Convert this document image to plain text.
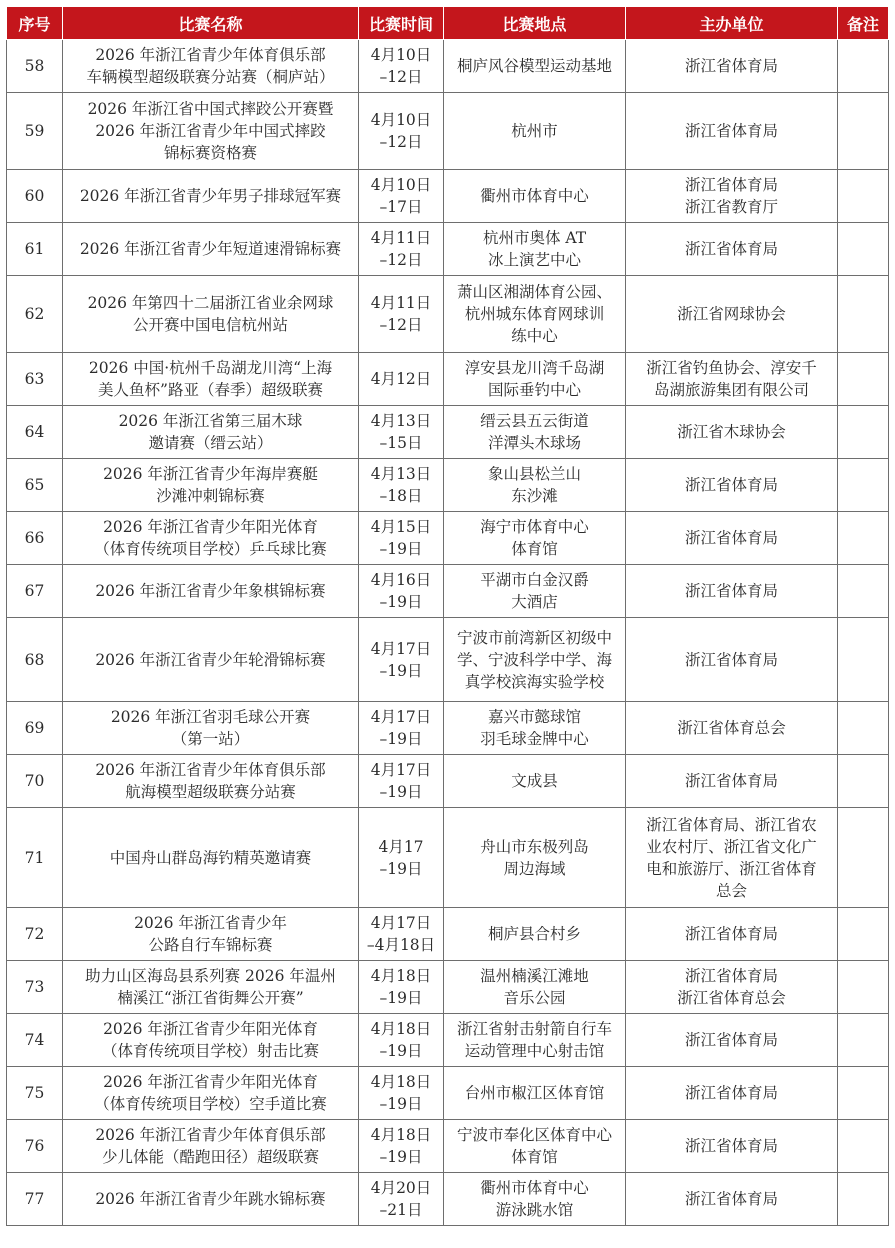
序号	比赛名称	比赛时间	比赛地点	主办单位	备注
58	2026 年浙江省青少年体育俱乐部
车辆模型超级联赛分站赛（桐庐站）	4月10日
–12日	桐庐风谷模型运动基地	浙江省体育局	

59	2026 年浙江省中国式摔跤公开赛暨
2026 年浙江省青少年中国式摔跤
锦标赛资格赛	4月10日
–12日	杭州市	浙江省体育局	

60	2026 年浙江省青少年男子排球冠军赛	4月10日
–17日	衢州市体育中心	浙江省体育局
浙江省教育厅	

61	2026 年浙江省青少年短道速滑锦标赛	4月11日
–12日	杭州市奥体 AT
冰上演艺中心	浙江省体育局	

62	2026 年第四十二届浙江省业余网球
公开赛中国电信杭州站	4月11日
–12日	萧山区湘湖体育公园、
杭州城东体育网球训
练中心	浙江省网球协会	

63	2026 中国·杭州千岛湖龙川湾“上海
美人鱼杯”路亚（春季）超级联赛	4月12日	淳安县龙川湾千岛湖
国际垂钓中心	浙江省钓鱼协会、淳安千
岛湖旅游集团有限公司	

64	2026 年浙江省第三届木球
邀请赛（缙云站）	4月13日
–15日	缙云县五云街道
洋潭头木球场	浙江省木球协会	

65	2026 年浙江省青少年海岸赛艇
沙滩冲刺锦标赛	4月13日
–18日	象山县松兰山
东沙滩	浙江省体育局	

66	2026 年浙江省青少年阳光体育
（体育传统项目学校）乒乓球比赛	4月15日
–19日	海宁市体育中心
体育馆	浙江省体育局	

67	2026 年浙江省青少年象棋锦标赛	4月16日
–19日	平湖市白金汉爵
大酒店	浙江省体育局	

68	2026 年浙江省青少年轮滑锦标赛	4月17日
–19日	宁波市前湾新区初级中
学、宁波科学中学、海
真学校滨海实验学校	浙江省体育局	

69	2026 年浙江省羽毛球公开赛
（第一站）	4月17日
–19日	嘉兴市懿球馆
羽毛球金牌中心	浙江省体育总会	

70	2026 年浙江省青少年体育俱乐部
航海模型超级联赛分站赛	4月17日
–19日	文成县	浙江省体育局	

71	中国舟山群岛海钓精英邀请赛	4月17
–19日	舟山市东极列岛
周边海域	浙江省体育局、浙江省农
业农村厅、浙江省文化广
电和旅游厅、浙江省体育
总会	

72	2026 年浙江省青少年
公路自行车锦标赛	4月17日
–4月18日	桐庐县合村乡	浙江省体育局	

73	助力山区海岛县系列赛 2026 年温州
楠溪江“浙江省街舞公开赛”	4月18日
–19日	温州楠溪江滩地
音乐公园	浙江省体育局
浙江省体育总会	

74	2026 年浙江省青少年阳光体育
（体育传统项目学校）射击比赛	4月18日
–19日	浙江省射击射箭自行车
运动管理中心射击馆	浙江省体育局	

75	2026 年浙江省青少年阳光体育
（体育传统项目学校）空手道比赛	4月18日
–19日	台州市椒江区体育馆	浙江省体育局	

76	2026 年浙江省青少年体育俱乐部
少儿体能（酷跑田径）超级联赛	4月18日
–19日	宁波市奉化区体育中心
体育馆	浙江省体育局	

77	2026 年浙江省青少年跳水锦标赛	4月20日
–21日	衢州市体育中心
游泳跳水馆	浙江省体育局	
